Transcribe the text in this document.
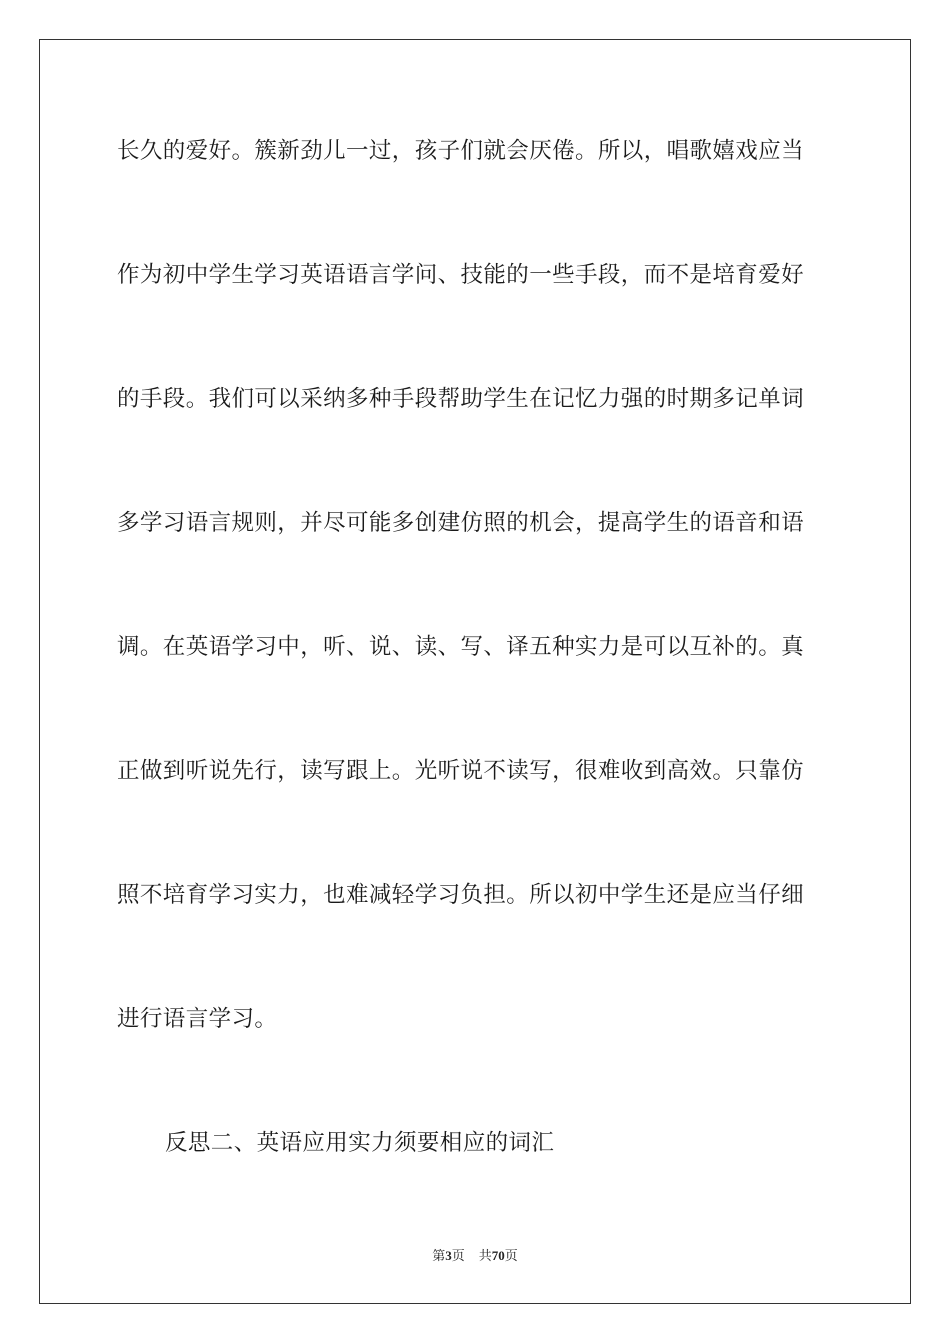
长久的爱好。簇新劲儿一过，孩子们就会厌倦。所以，唱歌嬉戏应当
作为初中学生学习英语语言学问、技能的一些手段，而不是培育爱好
的手段。我们可以采纳多种手段帮助学生在记忆力强的时期多记单词
多学习语言规则，并尽可能多创建仿照的机会，提高学生的语音和语
调。在英语学习中，听、说、读、写、译五种实力是可以互补的。真
正做到听说先行，读写跟上。光听说不读写，很难收到高效。只靠仿
照不培育学习实力，也难减轻学习负担。所以初中学生还是应当仔细
进行语言学习。
反思二、英语应用实力须要相应的词汇
第3页 共70页
